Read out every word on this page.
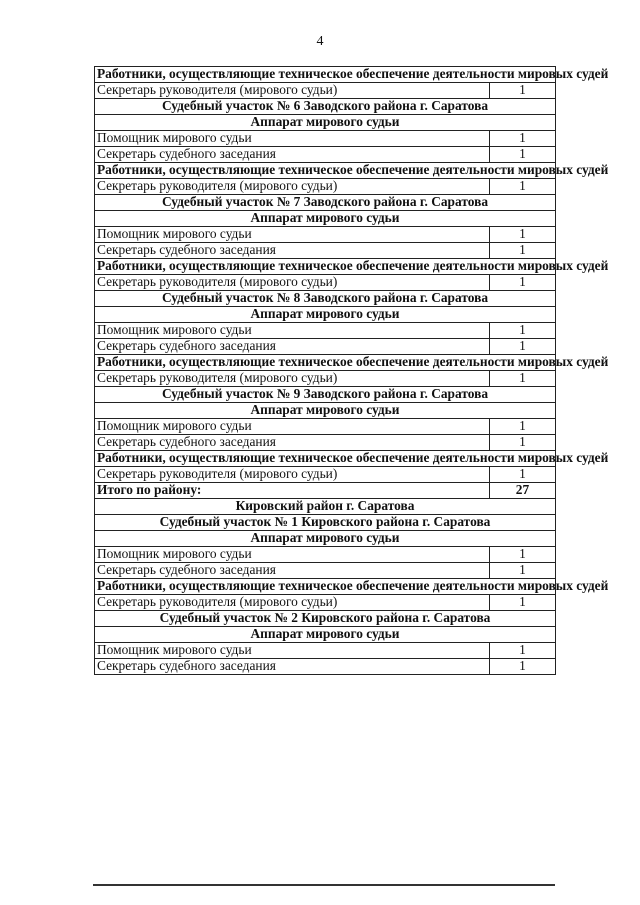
4
Работники, осуществляющие техническое обеспечение деятельности мировых судей	
Секретарь руководителя (мирового судьи)	1
Судебный участок № 6 Заводского района г. Саратова	
Аппарат мирового судьи	
Помощник мирового судьи	1
Секретарь судебного заседания	1
Работники, осуществляющие техническое обеспечение деятельности мировых судей	
Секретарь руководителя (мирового судьи)	1
Судебный участок № 7 Заводского района г. Саратова	
Аппарат мирового судьи	
Помощник мирового судьи	1
Секретарь судебного заседания	1
Работники, осуществляющие техническое обеспечение деятельности мировых судей	
Секретарь руководителя (мирового судьи)	1
Судебный участок № 8 Заводского района г. Саратова	
Аппарат мирового судьи	
Помощник мирового судьи	1
Секретарь судебного заседания	1
Работники, осуществляющие техническое обеспечение деятельности мировых судей	
Секретарь руководителя (мирового судьи)	1
Судебный участок № 9 Заводского района г. Саратова	
Аппарат мирового судьи	
Помощник мирового судьи	1
Секретарь судебного заседания	1
Работники, осуществляющие техническое обеспечение деятельности мировых судей	
Секретарь руководителя (мирового судьи)	1
Итого по району:	27
Кировский район г. Саратова	
Судебный участок № 1 Кировского района г. Саратова	
Аппарат мирового судьи	
Помощник мирового судьи	1
Секретарь судебного заседания	1
Работники, осуществляющие техническое обеспечение деятельности мировых судей	
Секретарь руководителя (мирового судьи)	1
Судебный участок № 2 Кировского района г. Саратова	
Аппарат мирового судьи	
Помощник мирового судьи	1
Секретарь судебного заседания	1
